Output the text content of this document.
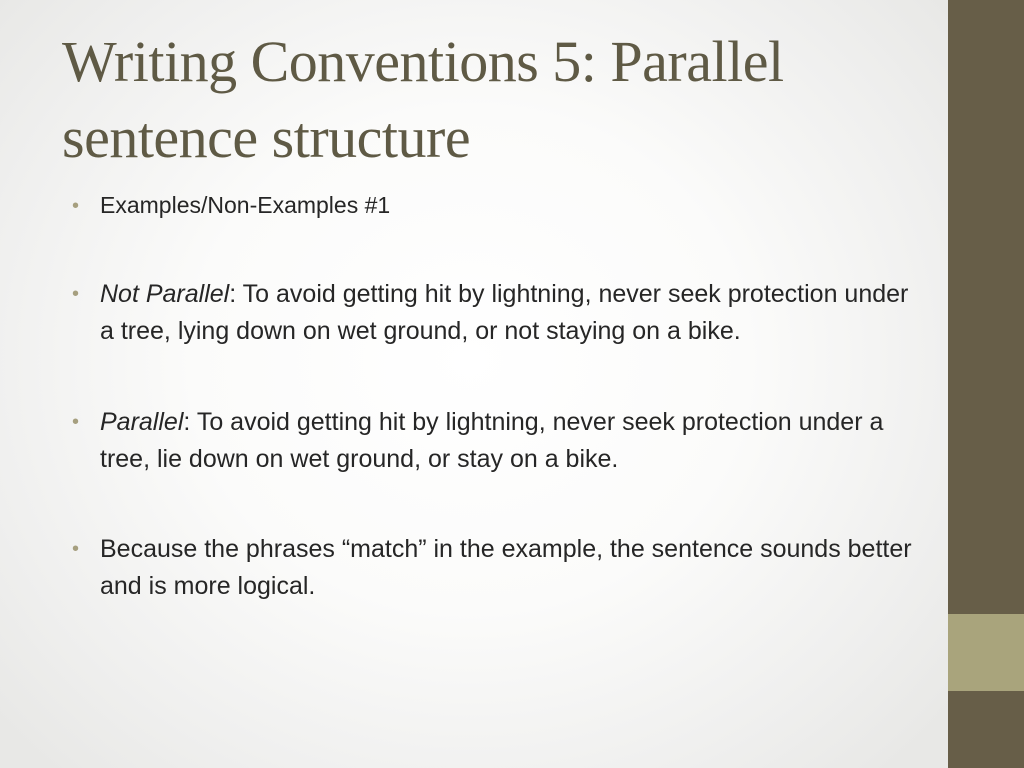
Writing Conventions 5: Parallel sentence structure
• Examples/Non-Examples #1
• Not Parallel: To avoid getting hit by lightning, never seek protection under a tree, lying down on wet ground, or not staying on a bike.
• Parallel: To avoid getting hit by lightning, never seek protection under a tree, lie down on wet ground, or stay on a bike.
• Because the phrases “match” in the example, the sentence sounds better and is more logical.
